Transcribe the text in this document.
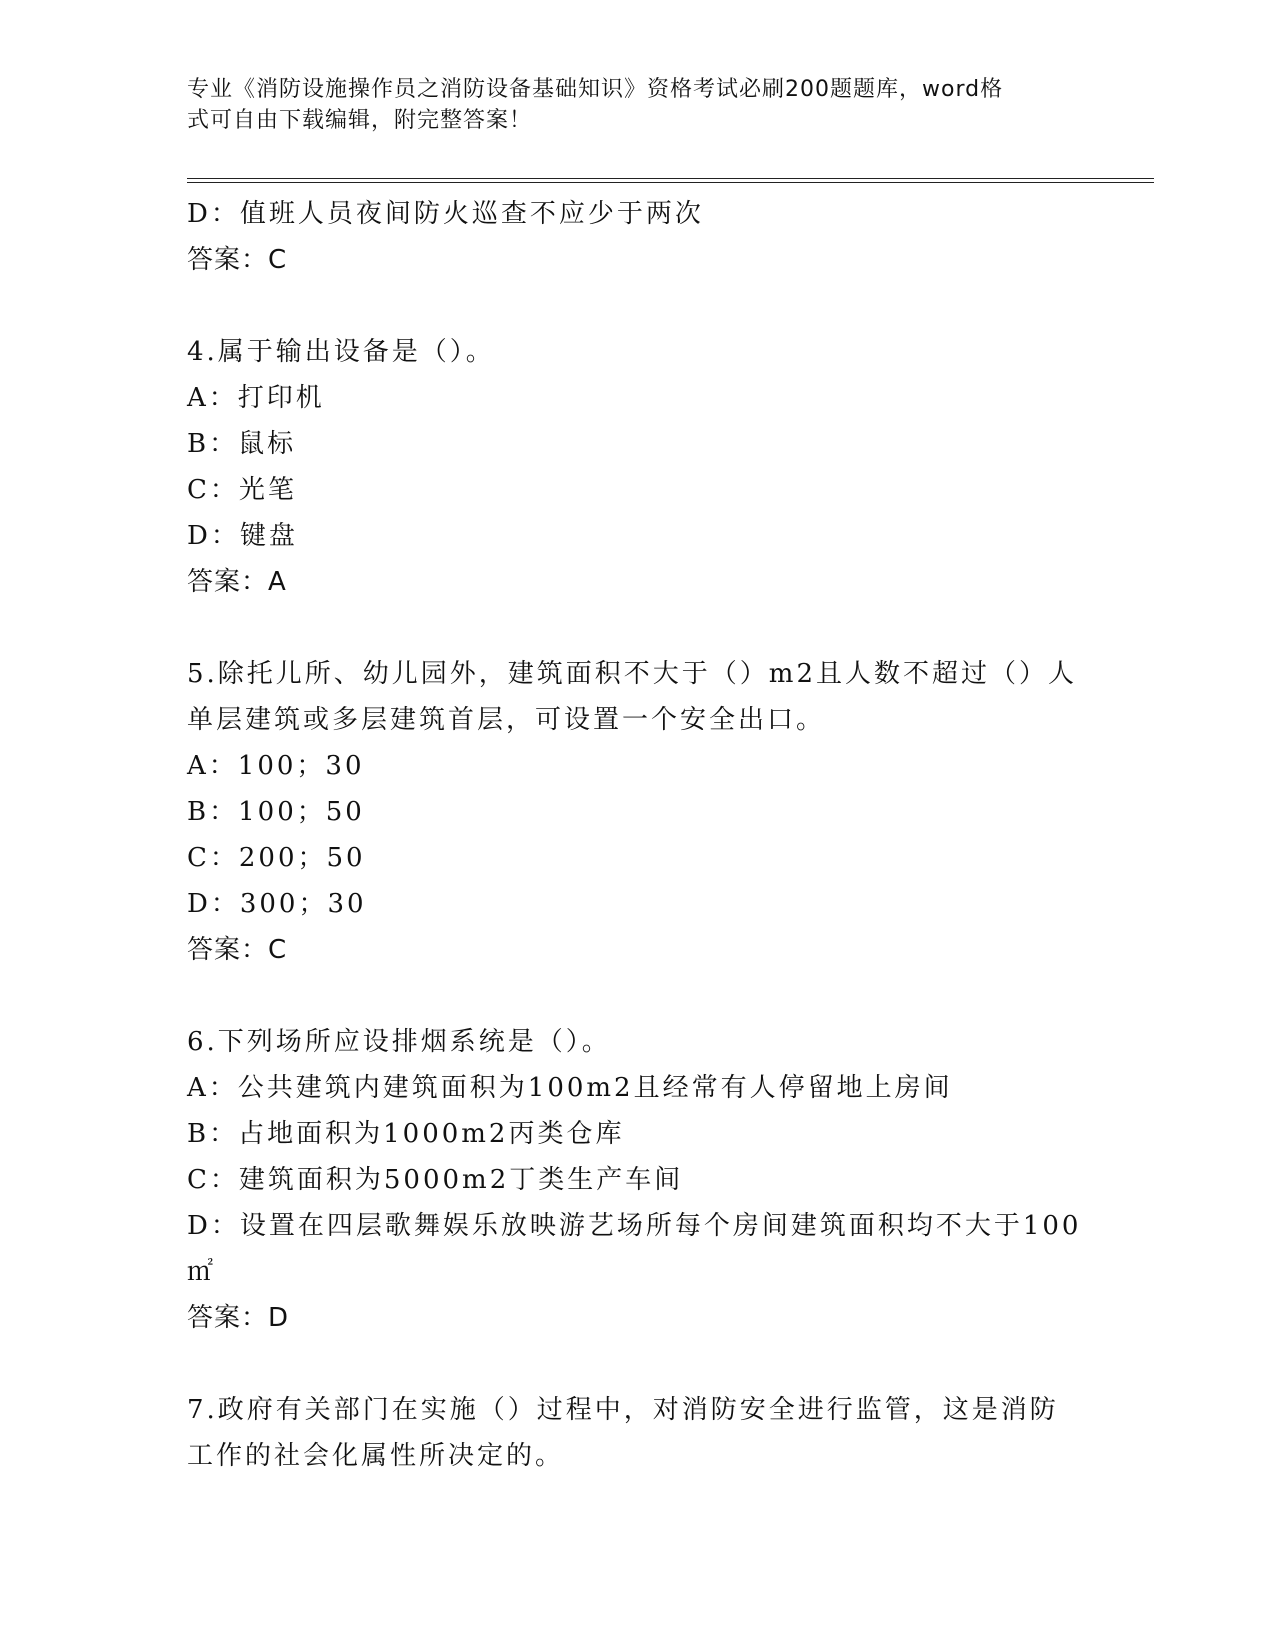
专业《消防设施操作员之消防设备基础知识》资格考试必刷200题题库，word格
式可自由下载编辑，附完整答案！
D：值班人员夜间防火巡查不应少于两次
答案：C
4.属于输出设备是（）。
A：打印机
B：鼠标
C：光笔
D：键盘
答案：A
5.除托儿所、幼儿园外，建筑面积不大于（）m2且人数不超过（）人
单层建筑或多层建筑首层，可设置一个安全出口。
A：100；30
B：100；50
C：200；50
D：300；30
答案：C
6.下列场所应设排烟系统是（）。
A：公共建筑内建筑面积为100m2且经常有人停留地上房间
B：占地面积为1000m2丙类仓库
C：建筑面积为5000m2丁类生产车间
D：设置在四层歌舞娱乐放映游艺场所每个房间建筑面积均不大于100
㎡
答案：D
7.政府有关部门在实施（）过程中，对消防安全进行监管，这是消防
工作的社会化属性所决定的。
